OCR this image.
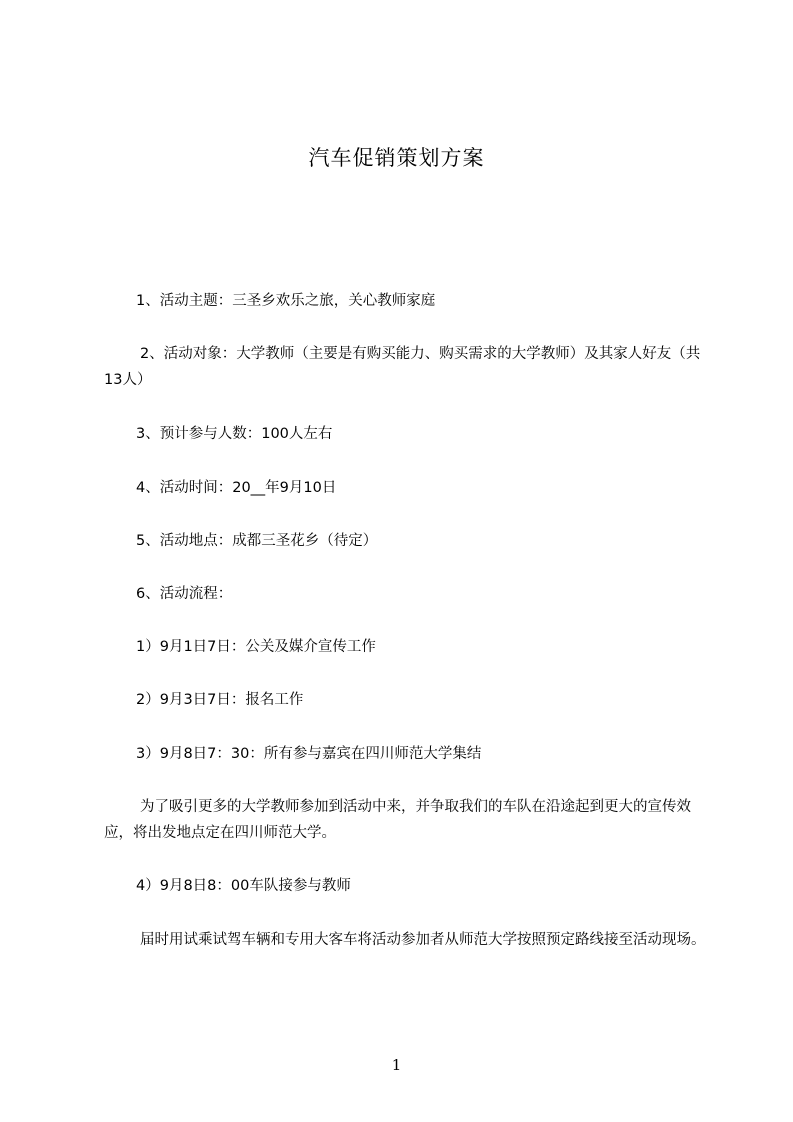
汽车促销策划方案
1、活动主题：三圣乡欢乐之旅，关心教师家庭
2、活动对象：大学教师（主要是有购买能力、购买需求的大学教师）及其家人好友（共13人）
3、预计参与人数：100人左右
4、活动时间：20__年9月10日
5、活动地点：成都三圣花乡（待定）
6、活动流程：
1）9月1日7日：公关及媒介宣传工作
2）9月3日7日：报名工作
3）9月8日7：30：所有参与嘉宾在四川师范大学集结
为了吸引更多的大学教师参加到活动中来，并争取我们的车队在沿途起到更大的宣传效应，将出发地点定在四川师范大学。
4）9月8日8：00车队接参与教师
届时用试乘试驾车辆和专用大客车将活动参加者从师范大学按照预定路线接至活动现场。
1
